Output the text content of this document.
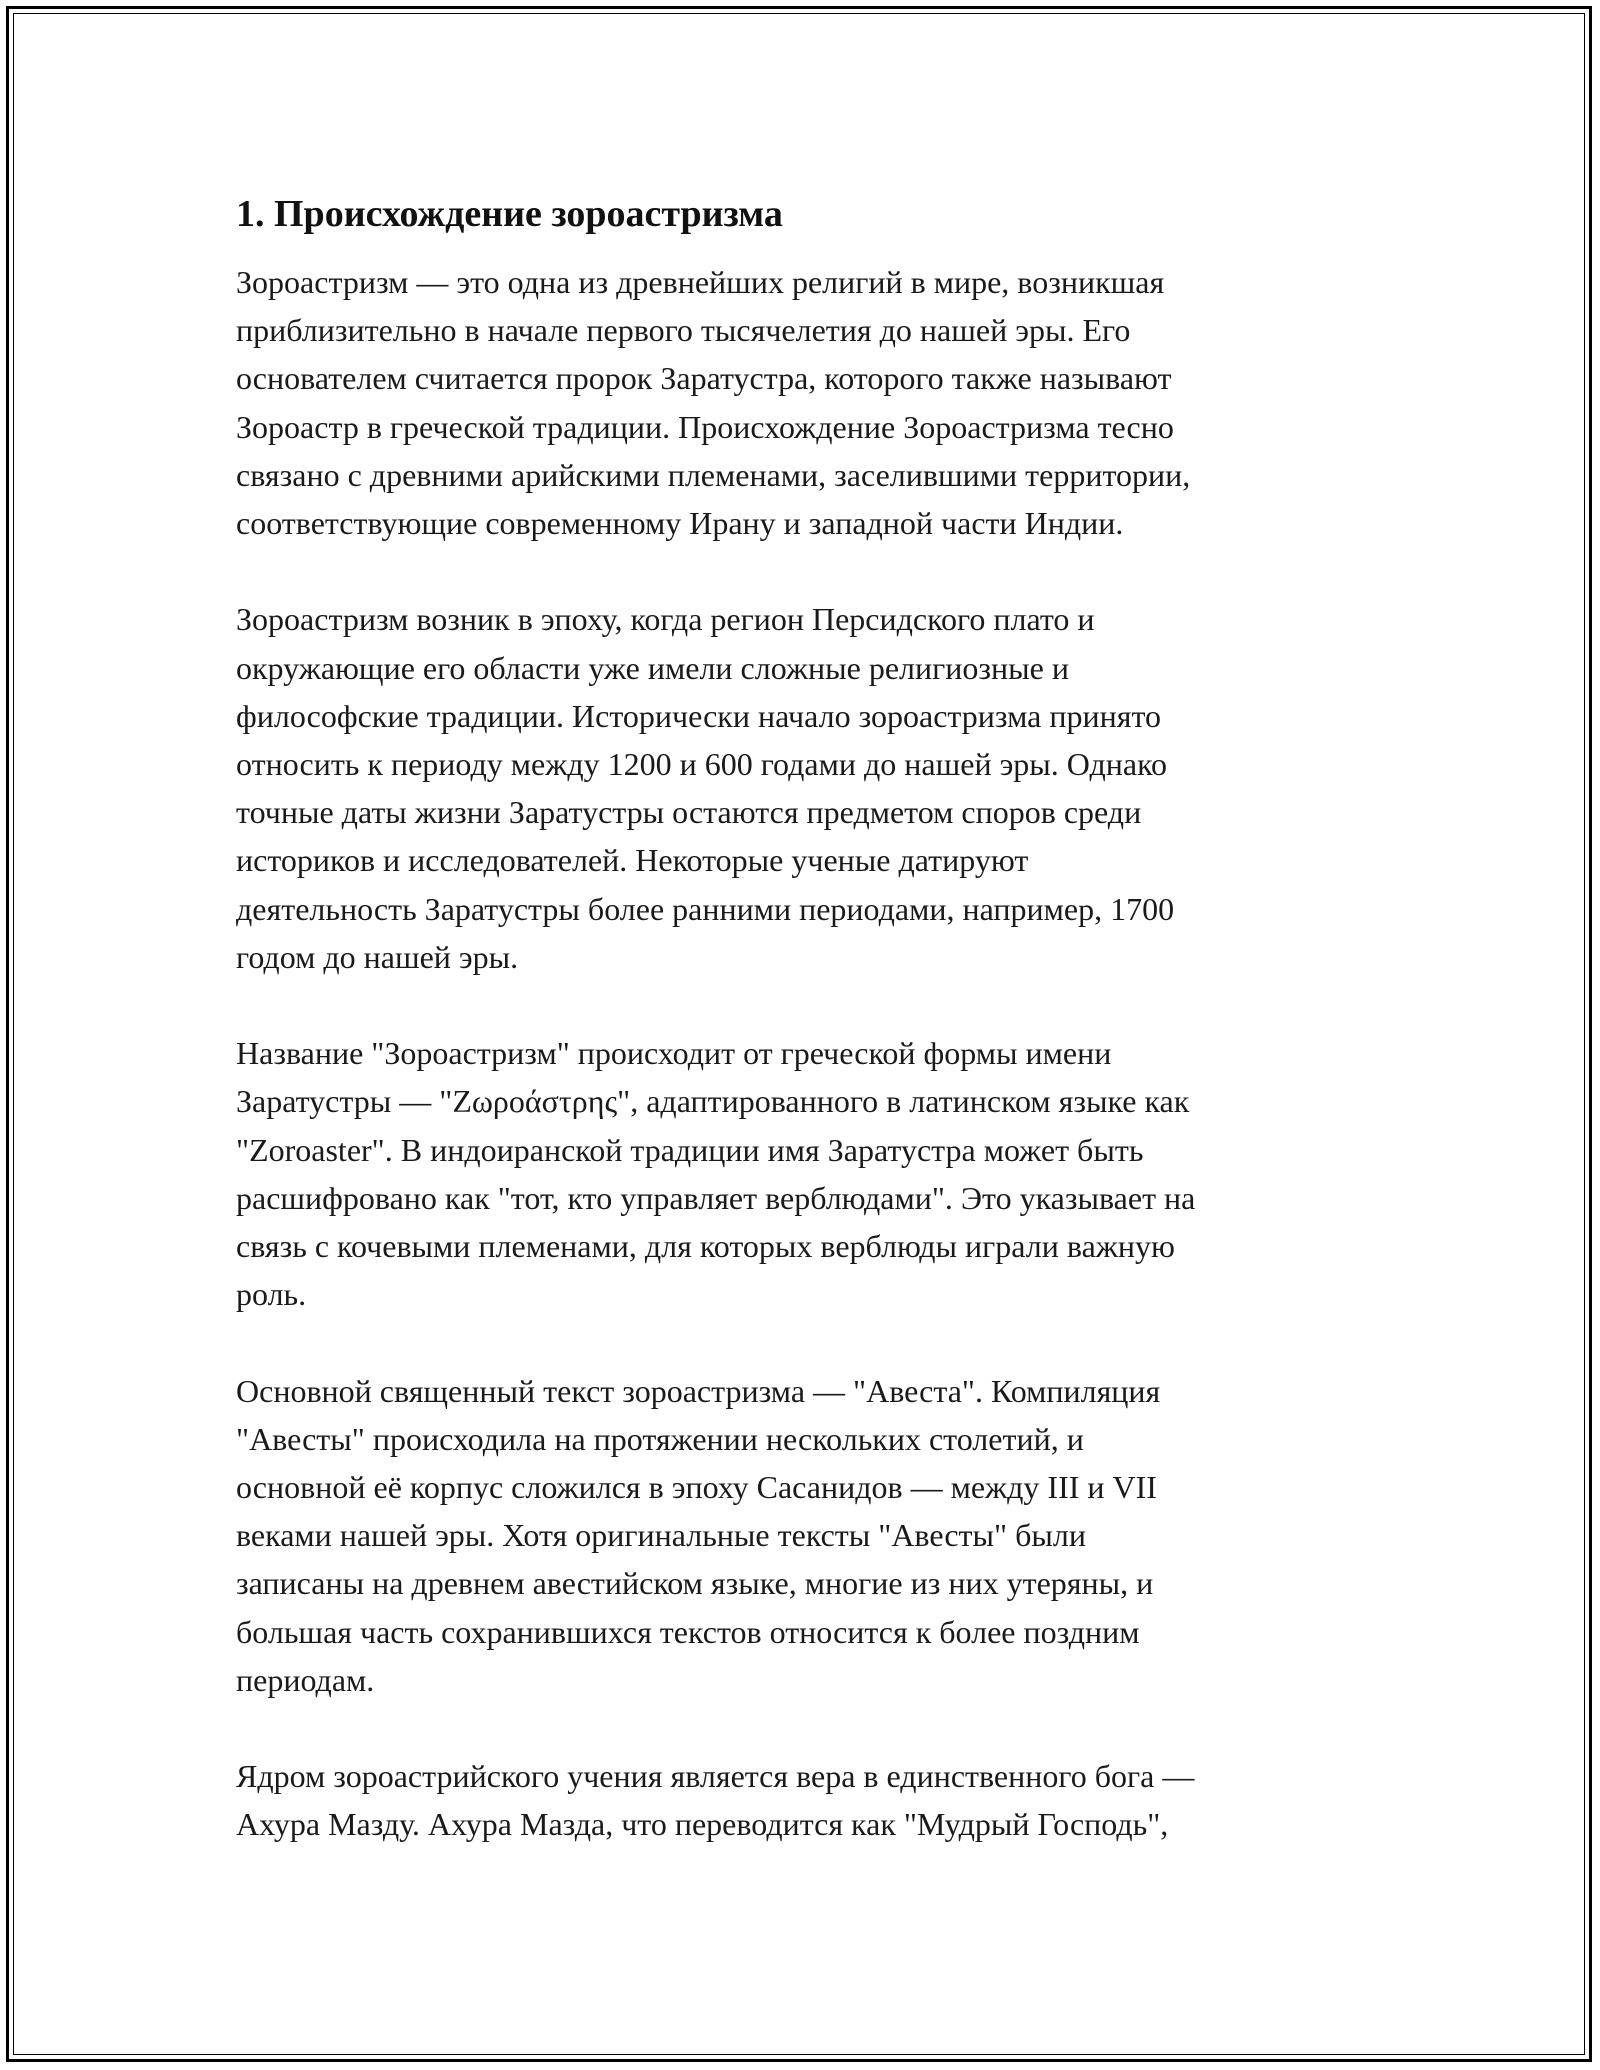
1. Происхождение зороастризма
Зороастризм — это одна из древнейших религий в мире, возникшая
приблизительно в начале первого тысячелетия до нашей эры. Его
основателем считается пророк Заратустра, которого также называют
Зороастр в греческой традиции. Происхождение Зороастризма тесно
связано с древними арийскими племенами, заселившими территории,
соответствующие современному Ирану и западной части Индии.
Зороастризм возник в эпоху, когда регион Персидского плато и
окружающие его области уже имели сложные религиозные и
философские традиции. Исторически начало зороастризма принято
относить к периоду между 1200 и 600 годами до нашей эры. Однако
точные даты жизни Заратустры остаются предметом споров среди
историков и исследователей. Некоторые ученые датируют
деятельность Заратустры более ранними периодами, например, 1700
годом до нашей эры.
Название "Зороастризм" происходит от греческой формы имени
Заратустры — "Ζωροάστρης", адаптированного в латинском языке как
"Zoroaster". В индоиранской традиции имя Заратустра может быть
расшифровано как "тот, кто управляет верблюдами". Это указывает на
связь с кочевыми племенами, для которых верблюды играли важную
роль.
Основной священный текст зороастризма — "Авеста". Компиляция
"Авесты" происходила на протяжении нескольких столетий, и
основной её корпус сложился в эпоху Сасанидов — между III и VII
веками нашей эры. Хотя оригинальные тексты "Авесты" были
записаны на древнем авестийском языке, многие из них утеряны, и
большая часть сохранившихся текстов относится к более поздним
периодам.
Ядром зороастрийского учения является вера в единственного бога —
Ахура Мазду. Ахура Мазда, что переводится как "Мудрый Господь",
